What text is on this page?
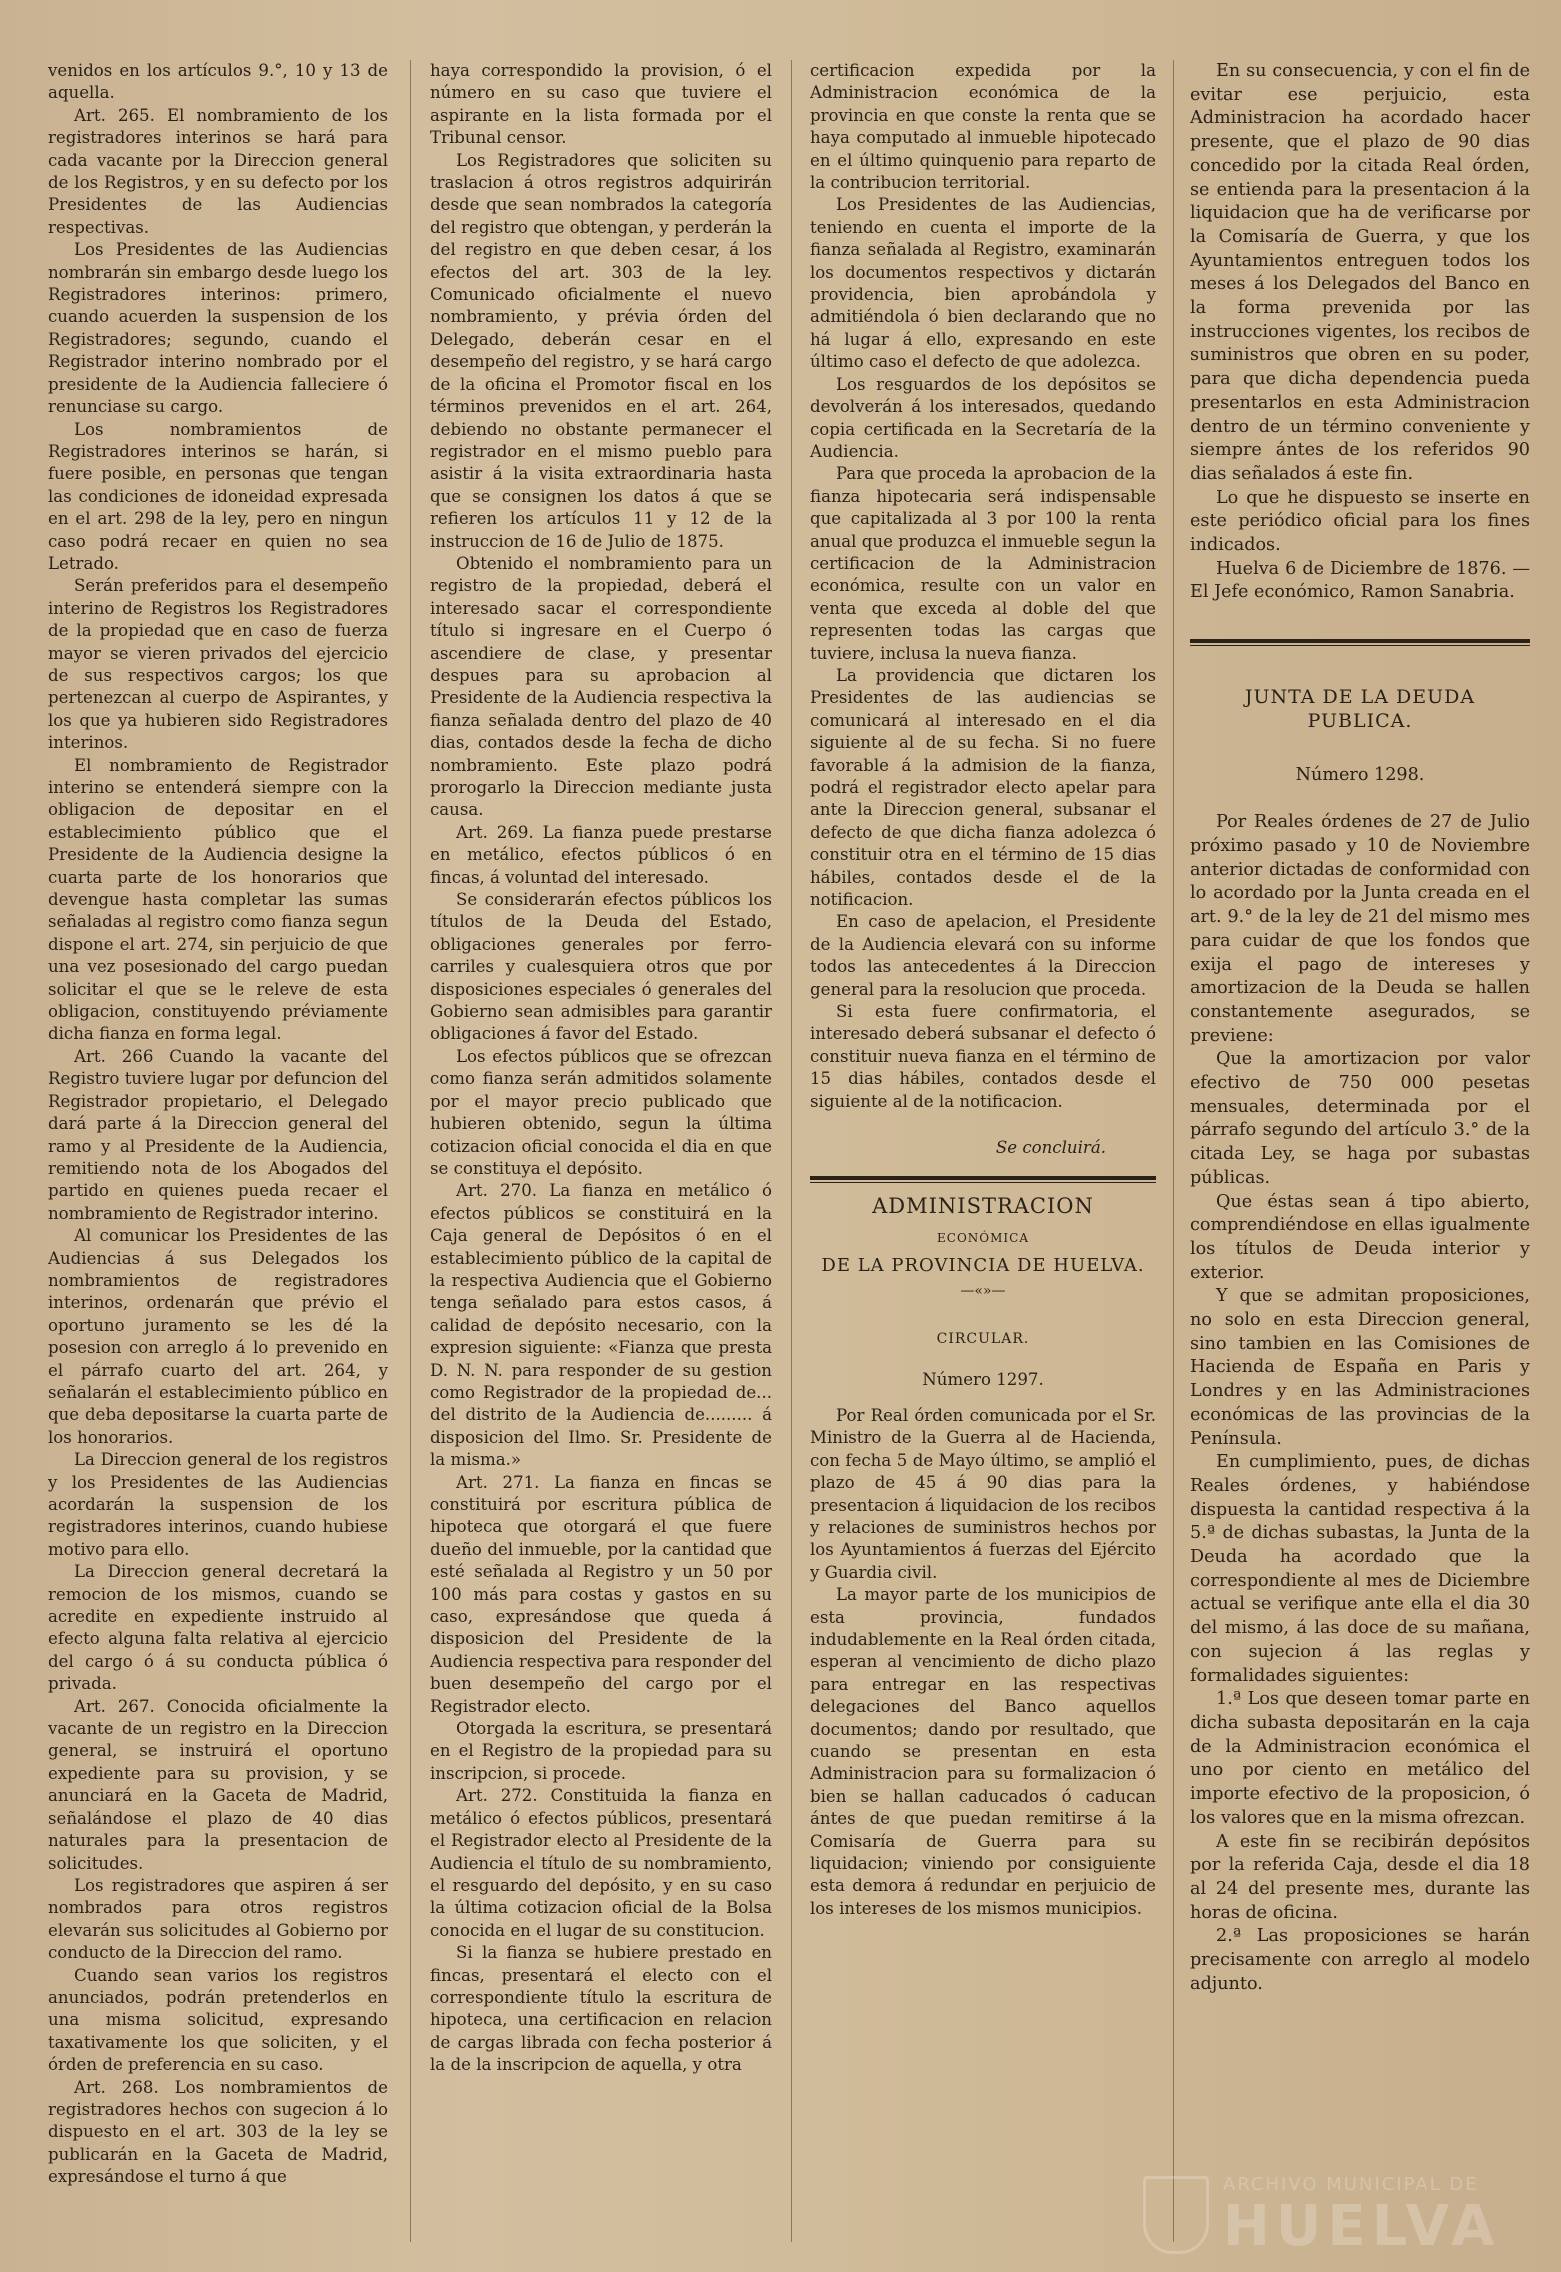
venidos en los artículos 9.°, 10 y 13 de aquella.

Art. 265. El nombramiento de los registradores interinos se hará para cada vacante por la Direccion general de los Registros, y en su defecto por los Presidentes de las Audiencias respectivas.

Los Presidentes de las Audiencias nombrarán sin embargo desde luego los Registradores interinos: primero, cuando acuerden la suspension de los Registradores; segundo, cuando el Registrador interino nombrado por el presidente de la Audiencia falleciere ó renunciase su cargo.

Los nombramientos de Registradores interinos se harán, si fuere posible, en personas que tengan las condiciones de idoneidad expresada en el art. 298 de la ley, pero en ningun caso podrá recaer en quien no sea Letrado.

Serán preferidos para el desempeño interino de Registros los Registradores de la propiedad que en caso de fuerza mayor se vieren privados del ejercicio de sus respectivos cargos; los que pertenezcan al cuerpo de Aspirantes, y los que ya hubieren sido Registradores interinos.

El nombramiento de Registrador interino se entenderá siempre con la obligacion de depositar en el establecimiento público que el Presidente de la Audiencia designe la cuarta parte de los honorarios que devengue hasta completar las sumas señaladas al registro como fianza segun dispone el art. 274, sin perjuicio de que una vez posesionado del cargo puedan solicitar el que se le releve de esta obligacion, constituyendo préviamente dicha fianza en forma legal.

Art. 266 Cuando la vacante del Registro tuviere lugar por defuncion del Registrador propietario, el Delegado dará parte á la Direccion general del ramo y al Presidente de la Audiencia, remitiendo nota de los Abogados del partido en quienes pueda recaer el nombramiento de Registrador interino.

Al comunicar los Presidentes de las Audiencias á sus Delegados los nombramientos de registradores interinos, ordenarán que prévio el oportuno juramento se les dé la posesion con arreglo á lo prevenido en el párrafo cuarto del art. 264, y señalarán el establecimiento público en que deba depositarse la cuarta parte de los honorarios.

La Direccion general de los registros y los Presidentes de las Audiencias acordarán la suspension de los registradores interinos, cuando hubiese motivo para ello.

La Direccion general decretará la remocion de los mismos, cuando se acredite en expediente instruido al efecto alguna falta relativa al ejercicio del cargo ó á su conducta pública ó privada.

Art. 267. Conocida oficialmente la vacante de un registro en la Direccion general, se instruirá el oportuno expediente para su provision, y se anunciará en la Gaceta de Madrid, señalándose el plazo de 40 dias naturales para la presentacion de solicitudes.

Los registradores que aspiren á ser nombrados para otros registros elevarán sus solicitudes al Gobierno por conducto de la Direccion del ramo.

Cuando sean varios los registros anunciados, podrán pretenderlos en una misma solicitud, expresando taxativamente los que soliciten, y el órden de preferencia en su caso.

Art. 268. Los nombramientos de registradores hechos con sugecion á lo dispuesto en el art. 303 de la ley se publicarán en la Gaceta de Madrid, expresándose el turno á que

haya correspondido la provision, ó el número en su caso que tuviere el aspirante en la lista formada por el Tribunal censor.

Los Registradores que soliciten su traslacion á otros registros adquirirán desde que sean nombrados la categoría del registro que obtengan, y perderán la del registro en que deben cesar, á los efectos del art. 303 de la ley. Comunicado oficialmente el nuevo nombramiento, y prévia órden del Delegado, deberán cesar en el desempeño del registro, y se hará cargo de la oficina el Promotor fiscal en los términos prevenidos en el art. 264, debiendo no obstante permanecer el registrador en el mismo pueblo para asistir á la visita extraordinaria hasta que se consignen los datos á que se refieren los artículos 11 y 12 de la instruccion de 16 de Julio de 1875.

Obtenido el nombramiento para un registro de la propiedad, deberá el interesado sacar el correspondiente título si ingresare en el Cuerpo ó ascendiere de clase, y presentar despues para su aprobacion al Presidente de la Audiencia respectiva la fianza señalada dentro del plazo de 40 dias, contados desde la fecha de dicho nombramiento. Este plazo podrá prorogarlo la Direccion mediante justa causa.

Art. 269. La fianza puede prestarse en metálico, efectos públicos ó en fincas, á voluntad del interesado.

Se considerarán efectos públicos los títulos de la Deuda del Estado, obligaciones generales por ferro-carriles y cualesquiera otros que por disposiciones especiales ó generales del Gobierno sean admisibles para garantir obligaciones á favor del Estado.

Los efectos públicos que se ofrezcan como fianza serán admitidos solamente por el mayor precio publicado que hubieren obtenido, segun la última cotizacion oficial conocida el dia en que se constituya el depósito.

Art. 270. La fianza en metálico ó efectos públicos se constituirá en la Caja general de Depósitos ó en el establecimiento público de la capital de la respectiva Audiencia que el Gobierno tenga señalado para estos casos, á calidad de depósito necesario, con la expresion siguiente: «Fianza que presta D. N. N. para responder de su gestion como Registrador de la propiedad de... del distrito de la Audiencia de......... á disposicion del Ilmo. Sr. Presidente de la misma.»

Art. 271. La fianza en fincas se constituirá por escritura pública de hipoteca que otorgará el que fuere dueño del inmueble, por la cantidad que esté señalada al Registro y un 50 por 100 más para costas y gastos en su caso, expresándose que queda á disposicion del Presidente de la Audiencia respectiva para responder del buen desempeño del cargo por el Registrador electo.

Otorgada la escritura, se presentará en el Registro de la propiedad para su inscripcion, si procede.

Art. 272. Constituida la fianza en metálico ó efectos públicos, presentará el Registrador electo al Presidente de la Audiencia el título de su nombramiento, el resguardo del depósito, y en su caso la última cotizacion oficial de la Bolsa conocida en el lugar de su constitucion.

Si la fianza se hubiere prestado en fincas, presentará el electo con el correspondiente título la escritura de hipoteca, una certificacion en relacion de cargas librada con fecha posterior á la de la inscripcion de aquella, y otra

certificacion expedida por la Administracion económica de la provincia en que conste la renta que se haya computado al inmueble hipotecado en el último quinquenio para reparto de la contribucion territorial.

Los Presidentes de las Audiencias, teniendo en cuenta el importe de la fianza señalada al Registro, examinarán los documentos respectivos y dictarán providencia, bien aprobándola y admitiéndola ó bien declarando que no há lugar á ello, expresando en este último caso el defecto de que adolezca.

Los resguardos de los depósitos se devolverán á los interesados, quedando copia certificada en la Secretaría de la Audiencia.

Para que proceda la aprobacion de la fianza hipotecaria será indispensable que capitalizada al 3 por 100 la renta anual que produzca el inmueble segun la certificacion de la Administracion económica, resulte con un valor en venta que exceda al doble del que representen todas las cargas que tuviere, inclusa la nueva fianza.

La providencia que dictaren los Presidentes de las audiencias se comunicará al interesado en el dia siguiente al de su fecha. Si no fuere favorable á la admision de la fianza, podrá el registrador electo apelar para ante la Direccion general, subsanar el defecto de que dicha fianza adolezca ó constituir otra en el término de 15 dias hábiles, contados desde el de la notificacion.

En caso de apelacion, el Presidente de la Audiencia elevará con su informe todos las antecedentes á la Direccion general para la resolucion que proceda.

Si esta fuere confirmatoria, el interesado deberá subsanar el defecto ó constituir nueva fianza en el término de 15 dias hábiles, contados desde el siguiente al de la notificacion.

Se concluirá.

ADMINISTRACION

ECONÓMICA

DE LA PROVINCIA DE HUELVA.

—«»—

CIRCULAR.

Número 1297.

Por Real órden comunicada por el Sr. Ministro de la Guerra al de Hacienda, con fecha 5 de Mayo último, se amplió el plazo de 45 á 90 dias para la presentacion á liquidacion de los recibos y relaciones de suministros hechos por los Ayuntamientos á fuerzas del Ejército y Guardia civil.

La mayor parte de los municipios de esta provincia, fundados indudablemente en la Real órden citada, esperan al vencimiento de dicho plazo para entregar en las respectivas delegaciones del Banco aquellos documentos; dando por resultado, que cuando se presentan en esta Administracion para su formalizacion ó bien se hallan caducados ó caducan ántes de que puedan remitirse á la Comisaría de Guerra para su liquidacion; viniendo por consiguiente esta demora á redundar en perjuicio de los intereses de los mismos municipios.

En su consecuencia, y con el fin de evitar ese perjuicio, esta Administracion ha acordado hacer presente, que el plazo de 90 dias concedido por la citada Real órden, se entienda para la presentacion á la liquidacion que ha de verificarse por la Comisaría de Guerra, y que los Ayuntamientos entreguen todos los meses á los Delegados del Banco en la forma prevenida por las instrucciones vigentes, los recibos de suministros que obren en su poder, para que dicha dependencia pueda presentarlos en esta Administracion dentro de un término conveniente y siempre ántes de los referidos 90 dias señalados á este fin.

Lo que he dispuesto se inserte en este periódico oficial para los fines indicados.

Huelva 6 de Diciembre de 1876. —El Jefe económico, Ramon Sanabria.

JUNTA DE LA DEUDA PUBLICA.

Número 1298.

Por Reales órdenes de 27 de Julio próximo pasado y 10 de Noviembre anterior dictadas de conformidad con lo acordado por la Junta creada en el art. 9.° de la ley de 21 del mismo mes para cuidar de que los fondos que exija el pago de intereses y amortizacion de la Deuda se hallen constantemente asegurados, se previene:

Que la amortizacion por valor efectivo de 750 000 pesetas mensuales, determinada por el párrafo segundo del artículo 3.° de la citada Ley, se haga por subastas públicas.

Que éstas sean á tipo abierto, comprendiéndose en ellas igualmente los títulos de Deuda interior y exterior.

Y que se admitan proposiciones, no solo en esta Direccion general, sino tambien en las Comisiones de Hacienda de España en Paris y Londres y en las Administraciones económicas de las provincias de la Península.

En cumplimiento, pues, de dichas Reales órdenes, y habiéndose dispuesta la cantidad respectiva á la 5.ª de dichas subastas, la Junta de la Deuda ha acordado que la correspondiente al mes de Diciembre actual se verifique ante ella el dia 30 del mismo, á las doce de su mañana, con sujecion á las reglas y formalidades siguientes:

1.ª Los que deseen tomar parte en dicha subasta depositarán en la caja de la Administracion económica el uno por ciento en metálico del importe efectivo de la proposicion, ó los valores que en la misma ofrezcan.

A este fin se recibirán depósitos por la referida Caja, desde el dia 18 al 24 del presente mes, durante las horas de oficina.

2.ª Las proposiciones se harán precisamente con arreglo al modelo adjunto.

ARCHIVO MUNICIPAL DE
HUELVA
